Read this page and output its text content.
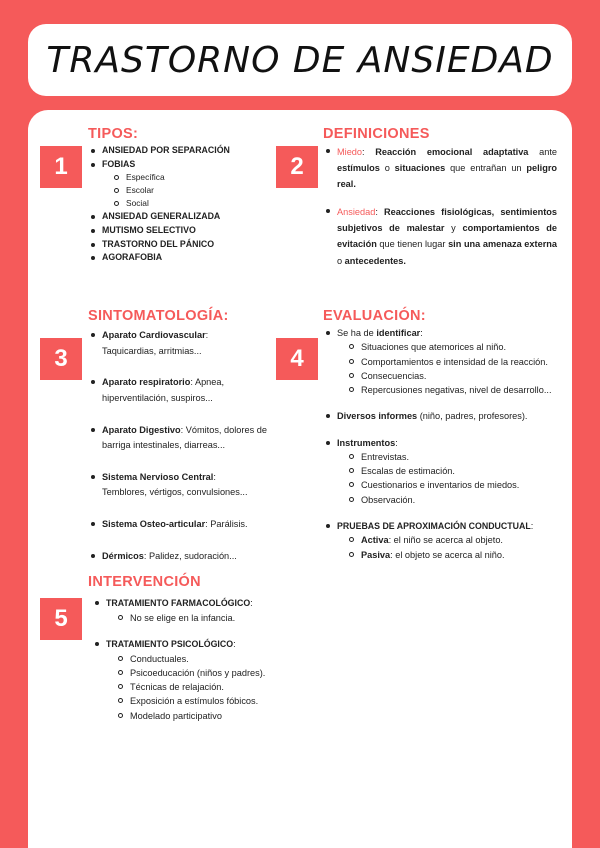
TRASTORNO DE ANSIEDAD
1
TIPOS:
ANSIEDAD POR SEPARACIÓN
FOBIAS
Específica
Escolar
Social
ANSIEDAD GENERALIZADA
MUTISMO SELECTIVO
TRASTORNO DEL PÁNICO
AGORAFOBIA
2
DEFINICIONES
Miedo: Reacción emocional adaptativa ante estímulos o situaciones que entrañan un peligro real.
Ansiedad: Reacciones fisiológicas, sentimientos subjetivos de malestar y comportamientos de evitación que tienen lugar sin una amenaza externa o antecedentes.
3
SINTOMATOLOGÍA:
Aparato Cardiovascular:
Taquicardias, arritmias...
Aparato respiratorio: Apnea, hiperventilación, suspiros...
Aparato Digestivo: Vómitos, dolores de barriga intestinales, diarreas...
Sistema Nervioso Central:
Temblores, vértigos, convulsiones...
Sistema Osteo-articular: Parálisis.
Dérmicos: Palidez, sudoración...
4
EVALUACIÓN:
Se ha de identificar:
Situaciones que atemorices al niño.
Comportamientos e intensidad de la reacción.
Consecuencias.
Repercusiones negativas, nivel de desarrollo...
Diversos informes (niño, padres, profesores).
Instrumentos:
Entrevistas.
Escalas de estimación.
Cuestionarios e inventarios de miedos.
Observación.
PRUEBAS DE APROXIMACIÓN CONDUCTUAL:
Activa: el niño se acerca al objeto.
Pasiva: el objeto se acerca al niño.
5
INTERVENCIÓN
TRATAMIENTO FARMACOLÓGICO:
No se elige en la infancia.
TRATAMIENTO PSICOLÓGICO:
Conductuales.
Psicoeducación (niños y padres).
Técnicas de relajación.
Exposición a estímulos fóbicos.
Modelado participativo
